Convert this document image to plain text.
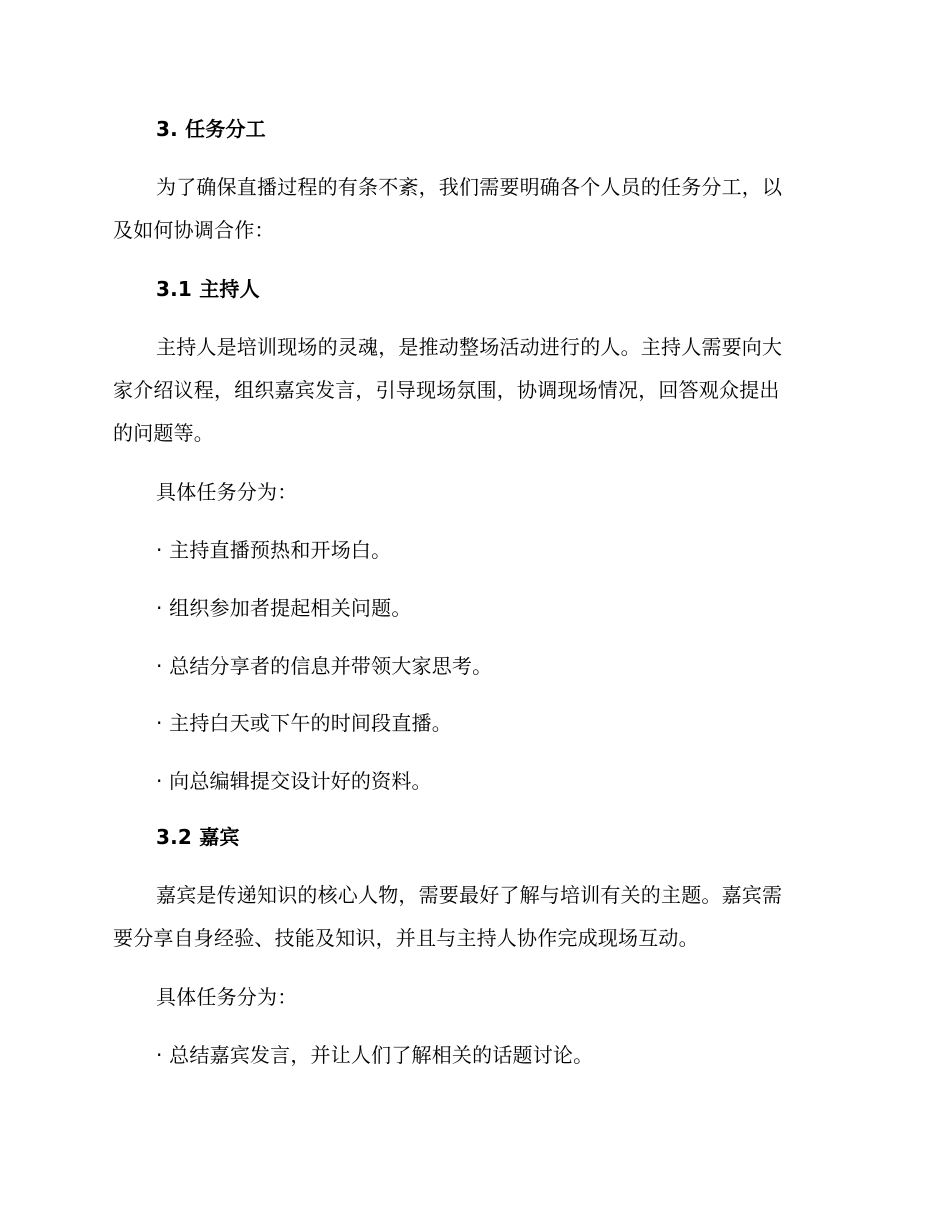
3. 任务分工
为了确保直播过程的有条不紊，我们需要明确各个人员的任务分工，以
及如何协调合作：
3.1 主持人
主持人是培训现场的灵魂，是推动整场活动进行的人。主持人需要向大
家介绍议程，组织嘉宾发言，引导现场氛围，协调现场情况，回答观众提出
的问题等。
具体任务分为：
· 主持直播预热和开场白。
· 组织参加者提起相关问题。
· 总结分享者的信息并带领大家思考。
· 主持白天或下午的时间段直播。
· 向总编辑提交设计好的资料。
3.2 嘉宾
嘉宾是传递知识的核心人物，需要最好了解与培训有关的主题。嘉宾需
要分享自身经验、技能及知识，并且与主持人协作完成现场互动。
具体任务分为：
· 总结嘉宾发言，并让人们了解相关的话题讨论。
